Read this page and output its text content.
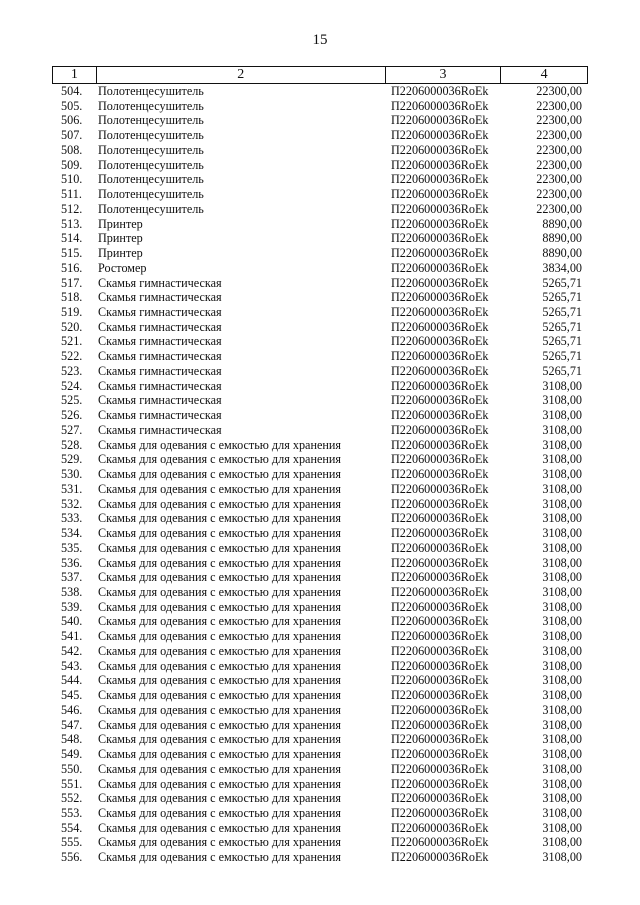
15
1	2	3	4
504. Полотенцесушитель	П2206000036RoEk	22300,00
505. Полотенцесушитель	П2206000036RoEk	22300,00
506. Полотенцесушитель	П2206000036RoEk	22300,00
507. Полотенцесушитель	П2206000036RoEk	22300,00
508. Полотенцесушитель	П2206000036RoEk	22300,00
509. Полотенцесушитель	П2206000036RoEk	22300,00
510. Полотенцесушитель	П2206000036RoEk	22300,00
511. Полотенцесушитель	П2206000036RoEk	22300,00
512. Полотенцесушитель	П2206000036RoEk	22300,00
513. Принтер	П2206000036RoEk	8890,00
514. Принтер	П2206000036RoEk	8890,00
515. Принтер	П2206000036RoEk	8890,00
516. Ростомер	П2206000036RoEk	3834,00
517. Скамья гимнастическая	П2206000036RoEk	5265,71
518. Скамья гимнастическая	П2206000036RoEk	5265,71
519. Скамья гимнастическая	П2206000036RoEk	5265,71
520. Скамья гимнастическая	П2206000036RoEk	5265,71
521. Скамья гимнастическая	П2206000036RoEk	5265,71
522. Скамья гимнастическая	П2206000036RoEk	5265,71
523. Скамья гимнастическая	П2206000036RoEk	5265,71
524. Скамья гимнастическая	П2206000036RoEk	3108,00
525. Скамья гимнастическая	П2206000036RoEk	3108,00
526. Скамья гимнастическая	П2206000036RoEk	3108,00
527. Скамья гимнастическая	П2206000036RoEk	3108,00
528. Скамья для одевания с емкостью для хранения	П2206000036RoEk	3108,00
529. Скамья для одевания с емкостью для хранения	П2206000036RoEk	3108,00
530. Скамья для одевания с емкостью для хранения	П2206000036RoEk	3108,00
531. Скамья для одевания с емкостью для хранения	П2206000036RoEk	3108,00
532. Скамья для одевания с емкостью для хранения	П2206000036RoEk	3108,00
533. Скамья для одевания с емкостью для хранения	П2206000036RoEk	3108,00
534. Скамья для одевания с емкостью для хранения	П2206000036RoEk	3108,00
535. Скамья для одевания с емкостью для хранения	П2206000036RoEk	3108,00
536. Скамья для одевания с емкостью для хранения	П2206000036RoEk	3108,00
537. Скамья для одевания с емкостью для хранения	П2206000036RoEk	3108,00
538. Скамья для одевания с емкостью для хранения	П2206000036RoEk	3108,00
539. Скамья для одевания с емкостью для хранения	П2206000036RoEk	3108,00
540. Скамья для одевания с емкостью для хранения	П2206000036RoEk	3108,00
541. Скамья для одевания с емкостью для хранения	П2206000036RoEk	3108,00
542. Скамья для одевания с емкостью для хранения	П2206000036RoEk	3108,00
543. Скамья для одевания с емкостью для хранения	П2206000036RoEk	3108,00
544. Скамья для одевания с емкостью для хранения	П2206000036RoEk	3108,00
545. Скамья для одевания с емкостью для хранения	П2206000036RoEk	3108,00
546. Скамья для одевания с емкостью для хранения	П2206000036RoEk	3108,00
547. Скамья для одевания с емкостью для хранения	П2206000036RoEk	3108,00
548. Скамья для одевания с емкостью для хранения	П2206000036RoEk	3108,00
549. Скамья для одевания с емкостью для хранения	П2206000036RoEk	3108,00
550. Скамья для одевания с емкостью для хранения	П2206000036RoEk	3108,00
551. Скамья для одевания с емкостью для хранения	П2206000036RoEk	3108,00
552. Скамья для одевания с емкостью для хранения	П2206000036RoEk	3108,00
553. Скамья для одевания с емкостью для хранения	П2206000036RoEk	3108,00
554. Скамья для одевания с емкостью для хранения	П2206000036RoEk	3108,00
555. Скамья для одевания с емкостью для хранения	П2206000036RoEk	3108,00
556. Скамья для одевания с емкостью для хранения	П2206000036RoEk	3108,00
